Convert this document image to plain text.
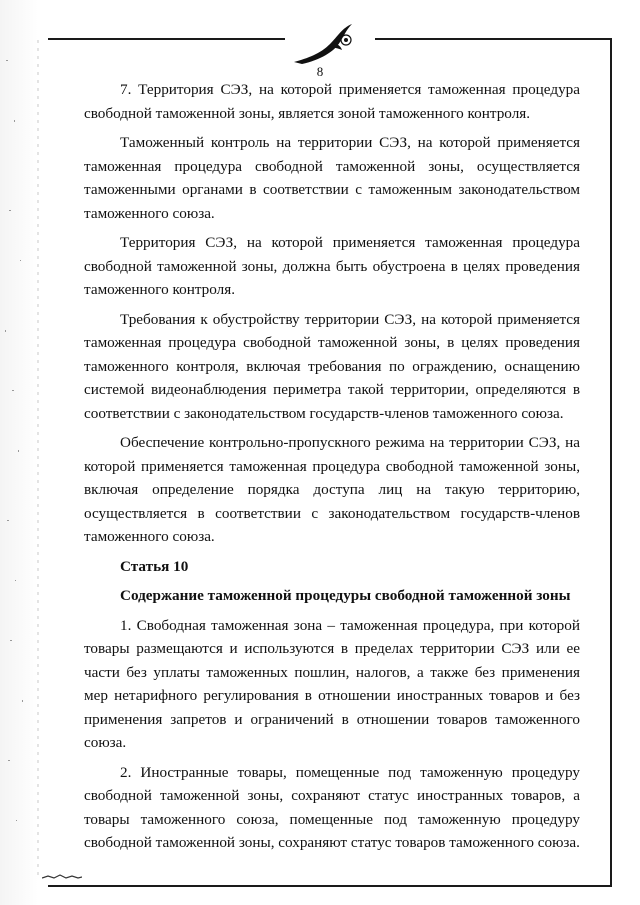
8

7. Территория СЭЗ, на которой применяется таможенная процедура свободной таможенной зоны, является зоной таможенного контроля.

Таможенный контроль на территории СЭЗ, на которой применяется таможенная процедура свободной таможенной зоны, осуществляется таможенными органами в соответствии с таможенным законодательством таможенного союза.

Территория СЭЗ, на которой применяется таможенная процедура свободной таможенной зоны, должна быть обустроена в целях проведения таможенного контроля.

Требования к обустройству территории СЭЗ, на которой применяется таможенная процедура свободной таможенной зоны, в целях проведения таможенного контроля, включая требования по ограждению, оснащению системой видеонаблюдения периметра такой территории, определяются в соответствии с законодательством государств-членов таможенного союза.

Обеспечение контрольно-пропускного режима на территории СЭЗ, на которой применяется таможенная процедура свободной таможенной зоны, включая определение порядка доступа лиц на такую территорию, осуществляется в соответствии с законодательством государств-членов таможенного союза.

Статья 10

Содержание таможенной процедуры свободной таможенной зоны

1. Свободная таможенная зона – таможенная процедура, при которой товары размещаются и используются в пределах территории СЭЗ или ее части без уплаты таможенных пошлин, налогов, а также без применения мер нетарифного регулирования в отношении иностранных товаров и без применения запретов и ограничений в отношении товаров таможенного союза.

2. Иностранные товары, помещенные под таможенную процедуру свободной таможенной зоны, сохраняют статус иностранных товаров, а товары таможенного союза, помещенные под таможенную процедуру свободной таможенной зоны, сохраняют статус товаров таможенного союза.
